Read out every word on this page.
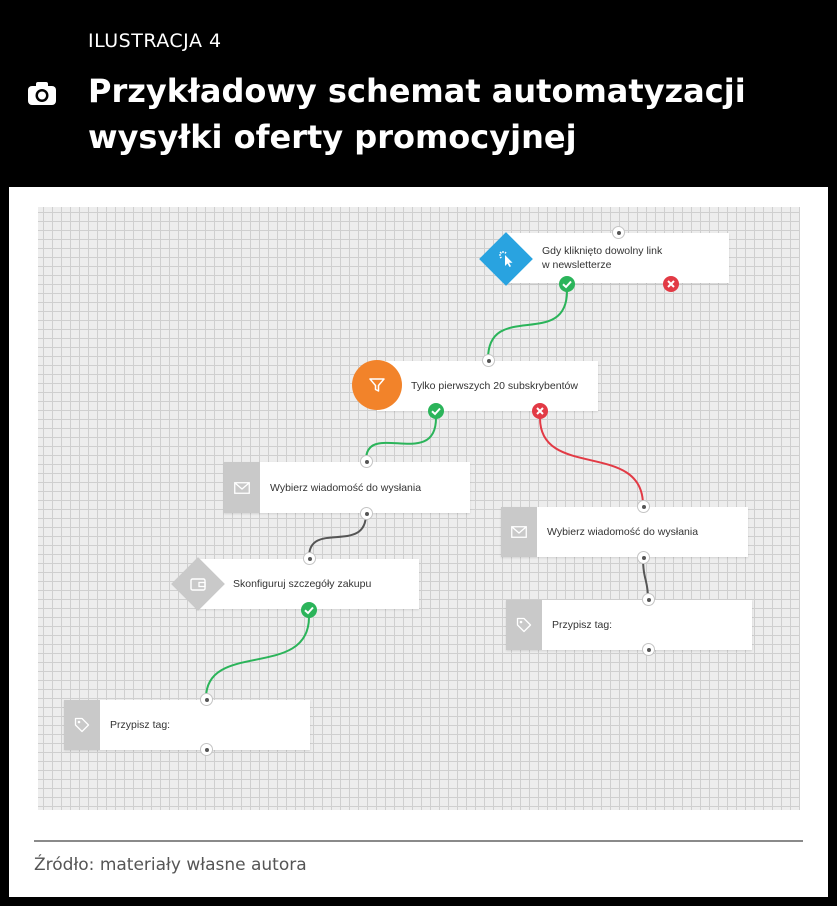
ILUSTRACJA 4
Przykładowy schemat automatyzacji
wysyłki oferty promocyjnej
Gdy kliknięto dowolny link
w newsletterze
Tylko pierwszych 20 subskrybentów
Wybierz wiadomość do wysłania
Wybierz wiadomość do wysłania
Skonfiguruj szczegóły zakupu
Przypisz tag:
Przypisz tag:
Źródło: materiały własne autora
